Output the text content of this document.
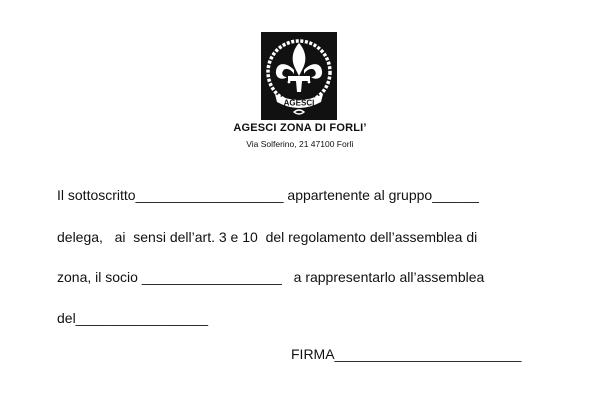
AGESCI
AGESCI ZONA DI FORLI’
Via Solferino, 21 47100 Forlì
Il sottoscritto___________________ appartenente al gruppo______
delega,   ai  sensi dell’art. 3 e 10  del regolamento dell’assemblea di
zona, il socio __________________   a rappresentarlo all’assemblea
del_________________
FIRMA________________________
